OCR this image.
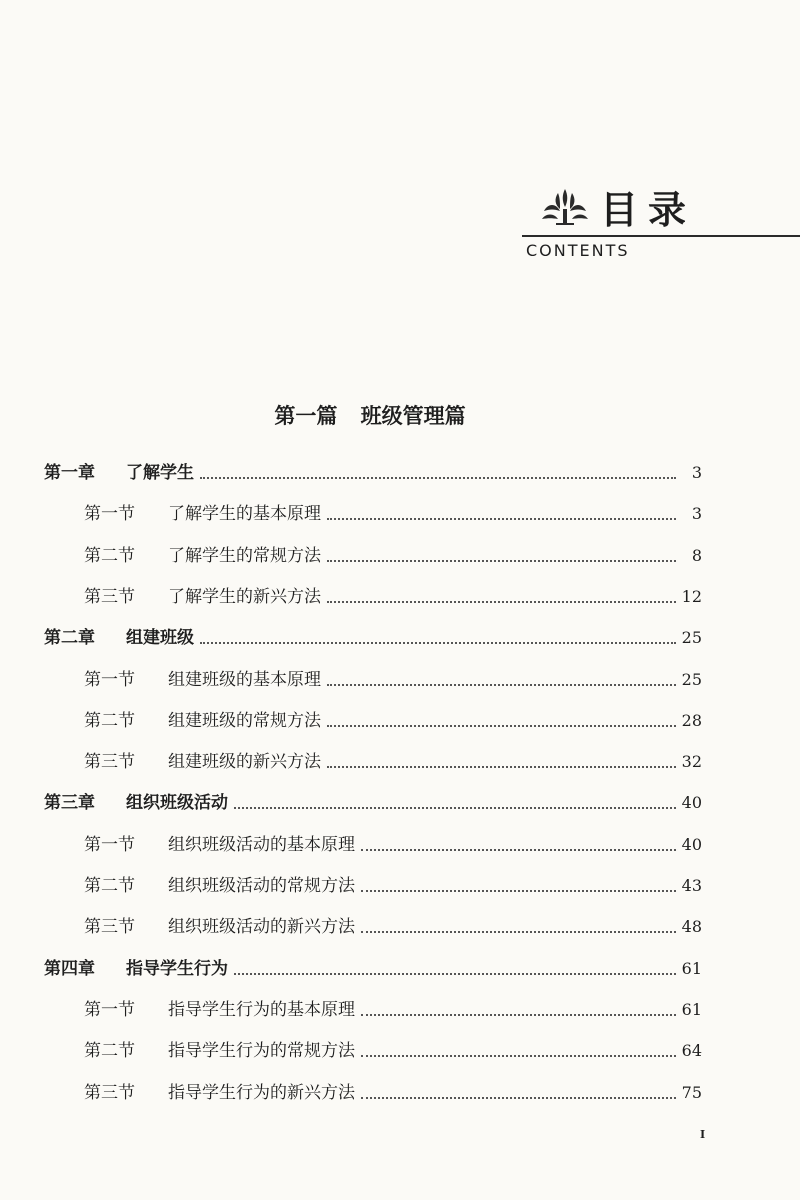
目录
CONTENTS
第一篇 班级管理篇
第一章	了解学生	3
第一节	了解学生的基本原理	3
第二节	了解学生的常规方法	8
第三节	了解学生的新兴方法	12
第二章	组建班级	25
第一节	组建班级的基本原理	25
第二节	组建班级的常规方法	28
第三节	组建班级的新兴方法	32
第三章	组织班级活动	40
第一节	组织班级活动的基本原理	40
第二节	组织班级活动的常规方法	43
第三节	组织班级活动的新兴方法	48
第四章	指导学生行为	61
第一节	指导学生行为的基本原理	61
第二节	指导学生行为的常规方法	64
第三节	指导学生行为的新兴方法	75
I
